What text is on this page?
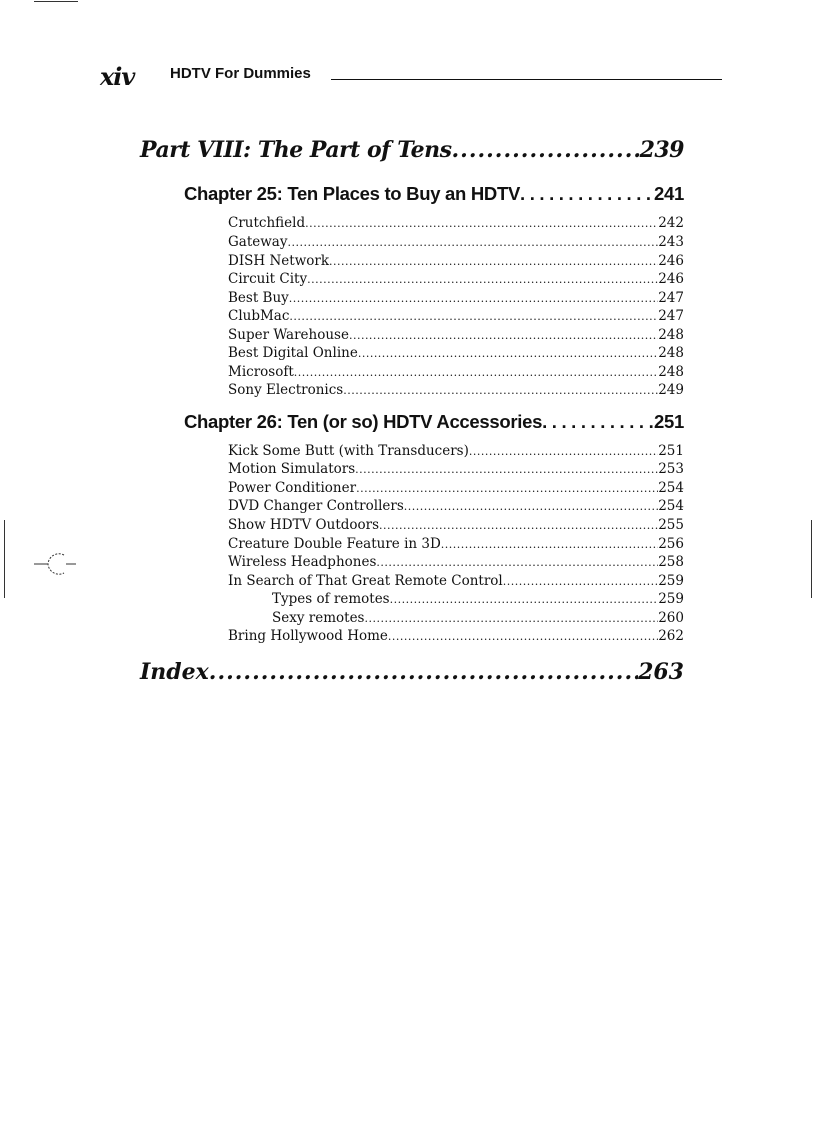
xiv HDTV For Dummies
Part VIII: The Part of Tens .....	239
Chapter 25: Ten Places to Buy an HDTV . . .	241
Crutchfield .....	242
Gateway .....	243
DISH Network .....	246
Circuit City .....	246
Best Buy .....	247
ClubMac .....	247
Super Warehouse .....	248
Best Digital Online .....	248
Microsoft .....	248
Sony Electronics .....	249
Chapter 26: Ten (or so) HDTV Accessories . . .	251
Kick Some Butt (with Transducers) .....	251
Motion Simulators .....	253
Power Conditioner .....	254
DVD Changer Controllers .....	254
Show HDTV Outdoors .....	255
Creature Double Feature in 3D .....	256
Wireless Headphones .....	258
In Search of That Great Remote Control .....	259
Types of remotes .....	259
Sexy remotes .....	260
Bring Hollywood Home .....	262
Index .....	263
